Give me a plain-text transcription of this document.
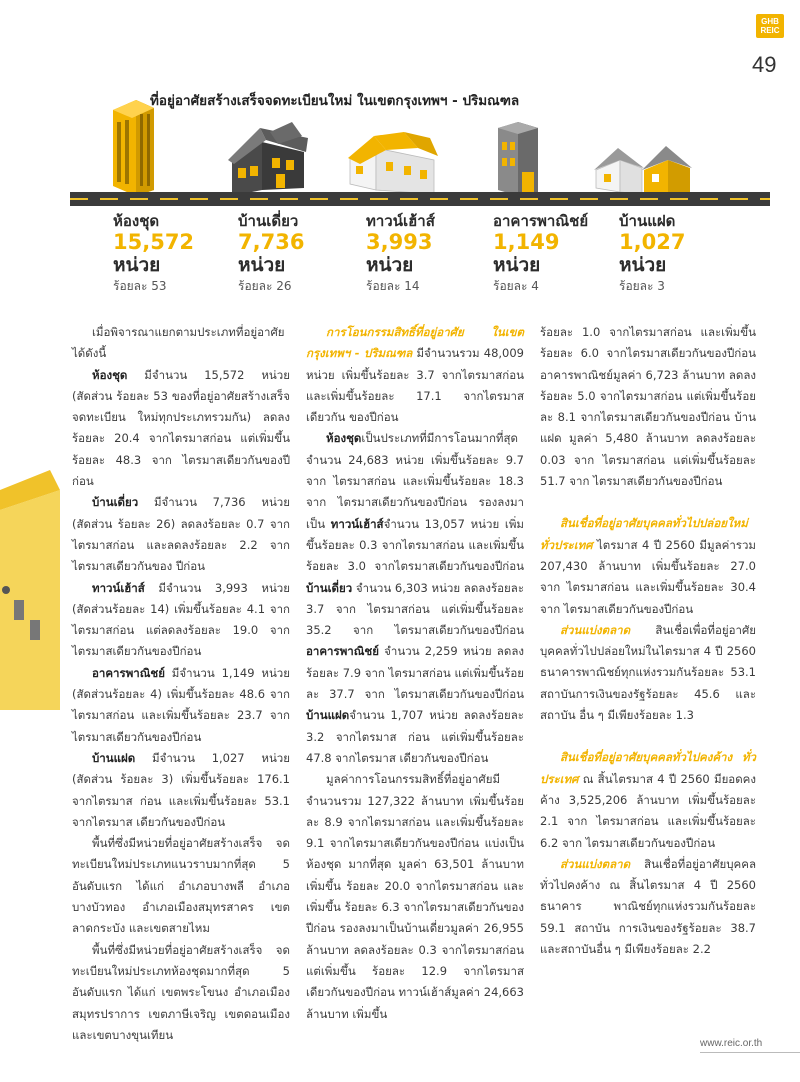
GHB
REIC
49
ที่อยู่อาศัยสร้างเสร็จจดทะเบียนใหม่ ในเขตกรุงเทพฯ - ปริมณฑล
ห้องชุด
15,572
หน่วย
ร้อยละ 53
บ้านเดี่ยว
7,736
หน่วย
ร้อยละ 26
ทาวน์เฮ้าส์
3,993
หน่วย
ร้อยละ 14
อาคารพาณิชย์
1,149
หน่วย
ร้อยละ 4
บ้านแฝด
1,027
หน่วย
ร้อยละ 3

เมื่อพิจารณาแยกตามประเภทที่อยู่อาศัย ได้ดังนี้

ห้องชุด มีจำนวน 15,572 หน่วย (สัดส่วน ร้อยละ 53 ของที่อยู่อาศัยสร้างเสร็จจดทะเบียน ใหม่ทุกประเภทรวมกัน) ลดลงร้อยละ 20.4 จากไตรมาสก่อน แต่เพิ่มขึ้นร้อยละ 48.3 จาก ไตรมาสเดียวกันของปีก่อน

บ้านเดี่ยว มีจำนวน 7,736 หน่วย (สัดส่วน ร้อยละ 26) ลดลงร้อยละ 0.7 จากไตรมาสก่อน และลดลงร้อยละ 2.2 จากไตรมาสเดียวกันของ ปีก่อน

ทาวน์เฮ้าส์ มีจำนวน 3,993 หน่วย (สัดส่วนร้อยละ 14) เพิ่มขึ้นร้อยละ 4.1 จาก ไตรมาสก่อน แต่ลดลงร้อยละ 19.0 จาก ไตรมาสเดียวกันของปีก่อน

อาคารพาณิชย์ มีจำนวน 1,149 หน่วย (สัดส่วนร้อยละ 4) เพิ่มขึ้นร้อยละ 48.6 จาก ไตรมาสก่อน และเพิ่มขึ้นร้อยละ 23.7 จาก ไตรมาสเดียวกันของปีก่อน

บ้านแฝด มีจำนวน 1,027 หน่วย (สัดส่วน ร้อยละ 3) เพิ่มขึ้นร้อยละ 176.1 จากไตรมาส ก่อน และเพิ่มขึ้นร้อยละ 53.1 จากไตรมาส เดียวกันของปีก่อน

พื้นที่ซึ่งมีหน่วยที่อยู่อาศัยสร้างเสร็จ จดทะเบียนใหม่ประเภทแนวราบมากที่สุด 5 อันดับแรก ได้แก่ อำเภอบางพลี อำเภอ บางบัวทอง อำเภอเมืองสมุทรสาคร เขต ลาดกระบัง และเขตสายไหม

พื้นที่ซึ่งมีหน่วยที่อยู่อาศัยสร้างเสร็จ จดทะเบียนใหม่ประเภทห้องชุดมากที่สุด 5 อันดับแรก ได้แก่ เขตพระโขนง อำเภอเมือง สมุทรปราการ เขตภาษีเจริญ เขตดอนเมือง และเขตบางขุนเทียน

การโอนกรรมสิทธิ์ที่อยู่อาศัย ในเขต กรุงเทพฯ - ปริมณฑล มีจำนวนรวม 48,009 หน่วย เพิ่มขึ้นร้อยละ 3.7 จากไตรมาสก่อน และเพิ่มขึ้นร้อยละ 17.1 จากไตรมาสเดียวกัน ของปีก่อน

ห้องชุดเป็นประเภทที่มีการโอนมากที่สุด จำนวน 24,683 หน่วย เพิ่มขึ้นร้อยละ 9.7 จาก ไตรมาสก่อน และเพิ่มขึ้นร้อยละ 18.3 จาก ไตรมาสเดียวกันของปีก่อน รองลงมาเป็น ทาวน์เฮ้าส์จำนวน 13,057 หน่วย เพิ่มขึ้นร้อยละ 0.3 จากไตรมาสก่อน และเพิ่มขึ้นร้อยละ 3.0 จากไตรมาสเดียวกันของปีก่อน บ้านเดี่ยว จำนวน 6,303 หน่วย ลดลงร้อยละ 3.7 จาก ไตรมาสก่อน แต่เพิ่มขึ้นร้อยละ 35.2 จาก ไตรมาสเดียวกันของปีก่อน อาคารพาณิชย์ จำนวน 2,259 หน่วย ลดลงร้อยละ 7.9 จาก ไตรมาสก่อน แต่เพิ่มขึ้นร้อยละ 37.7 จาก ไตรมาสเดียวกันของปีก่อน บ้านแฝดจำนวน 1,707 หน่วย ลดลงร้อยละ 3.2 จากไตรมาส ก่อน แต่เพิ่มขึ้นร้อยละ 47.8 จากไตรมาส เดียวกันของปีก่อน

มูลค่าการโอนกรรมสิทธิ์ที่อยู่อาศัยมี จำนวนรวม 127,322 ล้านบาท เพิ่มขึ้นร้อยละ 8.9 จากไตรมาสก่อน และเพิ่มขึ้นร้อยละ 9.1 จากไตรมาสเดียวกันของปีก่อน แบ่งเป็นห้องชุด มากที่สุด มูลค่า 63,501 ล้านบาท เพิ่มขึ้น ร้อยละ 20.0 จากไตรมาสก่อน และเพิ่มขึ้น ร้อยละ 6.3 จากไตรมาสเดียวกันของปีก่อน รองลงมาเป็นบ้านเดี่ยวมูลค่า 26,955 ล้านบาท ลดลงร้อยละ 0.3 จากไตรมาสก่อน แต่เพิ่มขึ้น ร้อยละ 12.9 จากไตรมาสเดียวกันของปีก่อน ทาวน์เฮ้าส์มูลค่า 24,663 ล้านบาท เพิ่มขึ้น

ร้อยละ 1.0 จากไตรมาสก่อน และเพิ่มขึ้น ร้อยละ 6.0 จากไตรมาสเดียวกันของปีก่อน อาคารพาณิชย์มูลค่า 6,723 ล้านบาท ลดลง ร้อยละ 5.0 จากไตรมาสก่อน แต่เพิ่มขึ้นร้อยละ 8.1 จากไตรมาสเดียวกันของปีก่อน บ้านแฝด มูลค่า 5,480 ล้านบาท ลดลงร้อยละ 0.03 จาก ไตรมาสก่อน แต่เพิ่มขึ้นร้อยละ 51.7 จาก ไตรมาสเดียวกันของปีก่อน

สินเชื่อที่อยู่อาศัยบุคคลทั่วไปปล่อยใหม่ ทั่วประเทศ ไตรมาส 4 ปี 2560 มีมูลค่ารวม 207,430 ล้านบาท เพิ่มขึ้นร้อยละ 27.0 จาก ไตรมาสก่อน และเพิ่มขึ้นร้อยละ 30.4 จาก ไตรมาสเดียวกันของปีก่อน

ส่วนแบ่งตลาด สินเชื่อเพื่อที่อยู่อาศัย บุคคลทั่วไปปล่อยใหม่ในไตรมาส 4 ปี 2560 ธนาคารพาณิชย์ทุกแห่งรวมกันร้อยละ 53.1 สถาบันการเงินของรัฐร้อยละ 45.6 และสถาบัน อื่น ๆ มีเพียงร้อยละ 1.3

สินเชื่อที่อยู่อาศัยบุคคลทั่วไปคงค้าง ทั่วประเทศ ณ สิ้นไตรมาส 4 ปี 2560 มียอดคงค้าง 3,525,206 ล้านบาท เพิ่มขึ้นร้อยละ 2.1 จาก ไตรมาสก่อน และเพิ่มขึ้นร้อยละ 6.2 จาก ไตรมาสเดียวกันของปีก่อน

ส่วนแบ่งตลาด สินเชื่อที่อยู่อาศัยบุคคล ทั่วไปคงค้าง ณ สิ้นไตรมาส 4 ปี 2560 ธนาคาร พาณิชย์ทุกแห่งรวมกันร้อยละ 59.1 สถาบัน การเงินของรัฐร้อยละ 38.7 และสถาบันอื่น ๆ มีเพียงร้อยละ 2.2

www.reic.or.th
